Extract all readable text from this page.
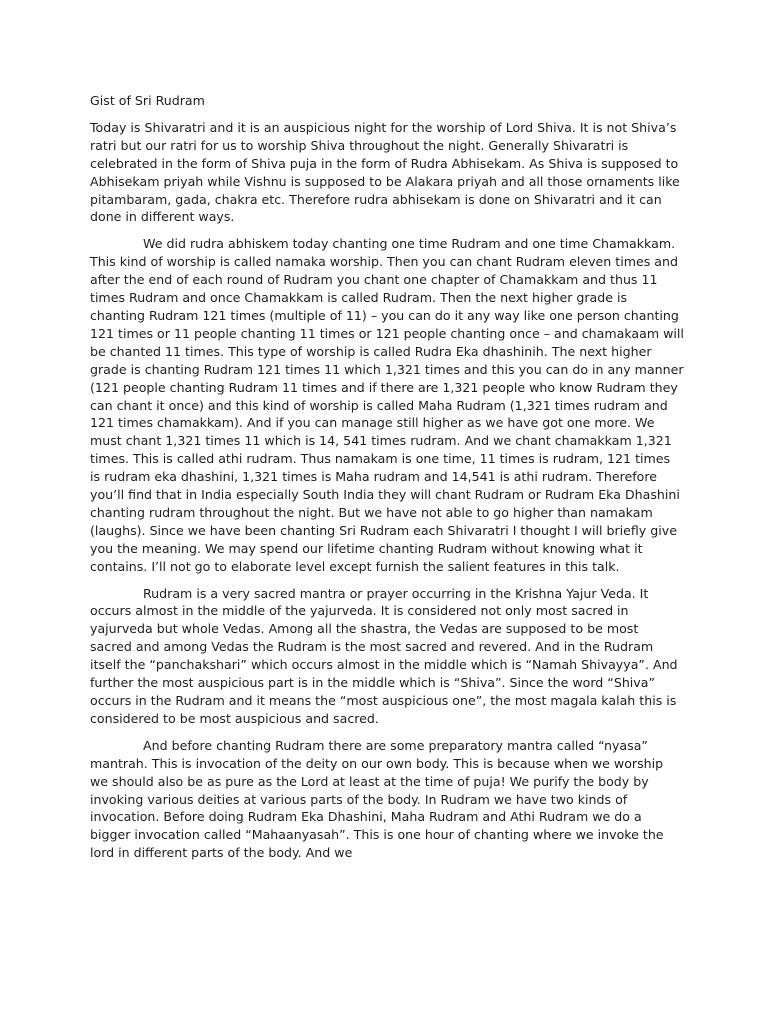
Gist of Sri Rudram

Today is Shivaratri and it is an auspicious night for the worship of Lord Shiva. It is not Shiva’s ratri but our ratri for us to worship Shiva throughout the night. Generally Shivaratri is celebrated in the form of Shiva puja in the form of Rudra Abhisekam. As Shiva is supposed to Abhisekam priyah while Vishnu is supposed to be Alakara priyah and all those ornaments like pitambaram, gada, chakra etc. Therefore rudra abhisekam is done on Shivaratri and it can done in different ways.

We did rudra abhiskem today chanting one time Rudram and one time Chamakkam. This kind of worship is called namaka worship. Then you can chant Rudram eleven times and after the end of each round of Rudram you chant one chapter of Chamakkam and thus 11 times Rudram and once Chamakkam is called Rudram. Then the next higher grade is chanting Rudram 121 times (multiple of 11) – you can do it any way like one person chanting 121 times or 11 people chanting 11 times or 121 people chanting once – and chamakaam will be chanted 11 times. This type of worship is called Rudra Eka dhashinih. The next higher grade is chanting Rudram 121 times 11 which 1,321 times and this you can do in any manner (121 people chanting Rudram 11 times and if there are 1,321 people who know Rudram they can chant it once) and this kind of worship is called Maha Rudram (1,321 times rudram and 121 times chamakkam). And if you can manage still higher as we have got one more. We must chant 1,321 times 11 which is 14, 541 times rudram. And we chant chamakkam 1,321 times. This is called athi rudram. Thus namakam is one time, 11 times is rudram, 121 times is rudram eka dhashini, 1,321 times is Maha rudram and 14,541 is athi rudram. Therefore you’ll find that in India especially South India they will chant Rudram or Rudram Eka Dhashini chanting rudram throughout the night. But we have not able to go higher than namakam (laughs). Since we have been chanting Sri Rudram each Shivaratri I thought I will briefly give you the meaning. We may spend our lifetime chanting Rudram without knowing what it contains. I’ll not go to elaborate level except furnish the salient features in this talk.

Rudram is a very sacred mantra or prayer occurring in the Krishna Yajur Veda. It occurs almost in the middle of the yajurveda. It is considered not only most sacred in yajurveda but whole Vedas. Among all the shastra, the Vedas are supposed to be most sacred and among Vedas the Rudram is the most sacred and revered. And in the Rudram itself the “panchakshari” which occurs almost in the middle which is “Namah Shivayya”. And further the most auspicious part is in the middle which is “Shiva”. Since the word “Shiva” occurs in the Rudram and it means the “most auspicious one”, the most magala kalah this is considered to be most auspicious and sacred.

And before chanting Rudram there are some preparatory mantra called “nyasa” mantrah. This is invocation of the deity on our own body. This is because when we worship we should also be as pure as the Lord at least at the time of puja! We purify the body by invoking various deities at various parts of the body. In Rudram we have two kinds of invocation. Before doing Rudram Eka Dhashini, Maha Rudram and Athi Rudram we do a bigger invocation called “Mahaanyasah”. This is one hour of chanting where we invoke the lord in different parts of the body. And we
